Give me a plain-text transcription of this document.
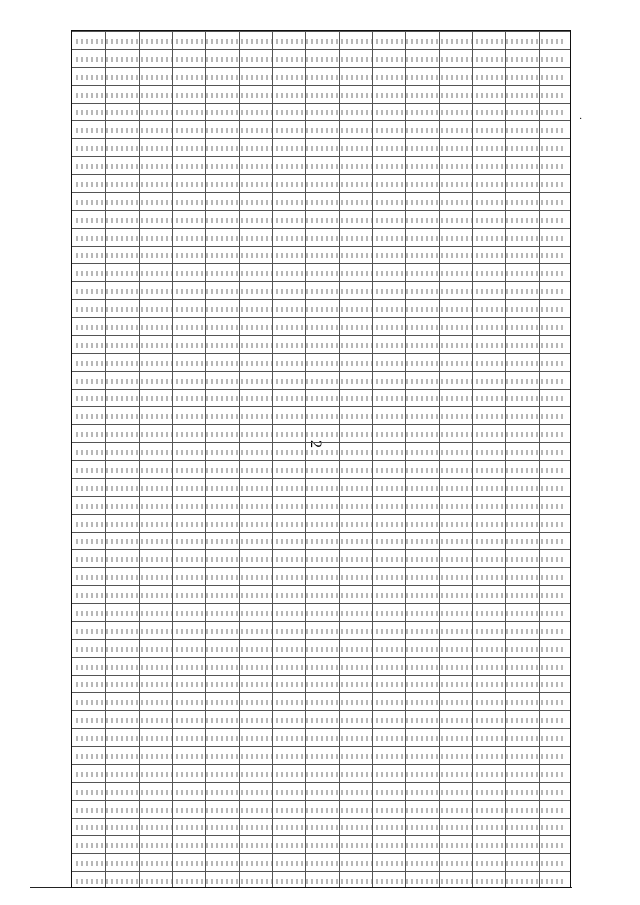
2
·
